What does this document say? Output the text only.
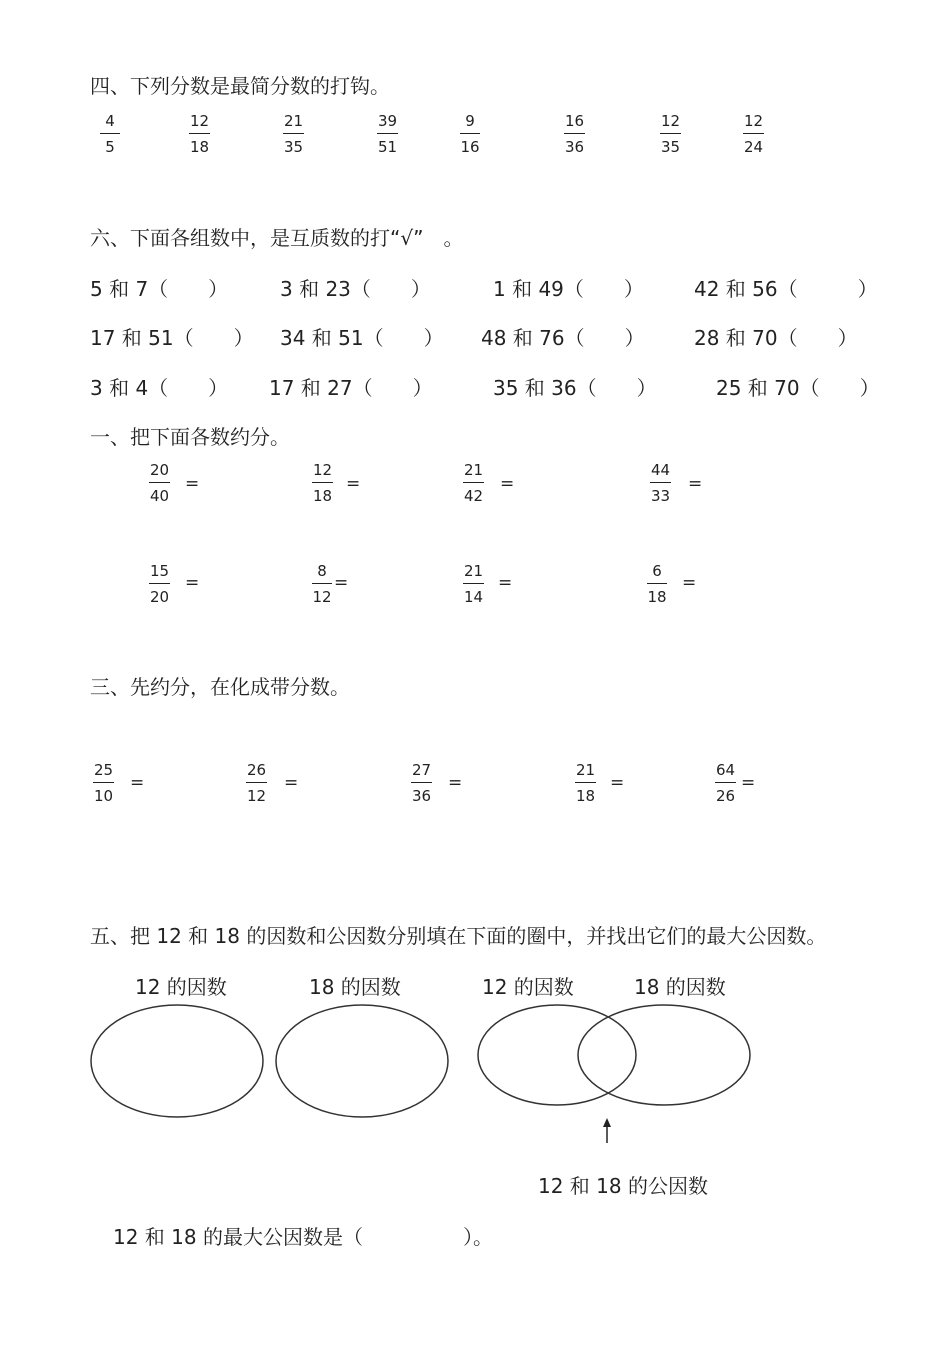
四、下列分数是最简分数的打钩。
$\frac{4}{5}$	$\frac{12}{18}$	$\frac{21}{35}$	$\frac{39}{51}$	$\frac{9}{16}$	$\frac{16}{36}$	$\frac{12}{35}$	$\frac{12}{24}$
六、下面各组数中，是互质数的打“√”　。
5 和 7（　　）	3 和 23（　　）	1 和 49（　　）	42 和 56（　　　）
17 和 51（　　） 34 和 51（　　） 48 和 76（　　） 28 和 70（　　）
3 和 4（　　） 17 和 27（　　）	35 和 36（　　）	25 和 70（　　）
一、把下面各数约分。
$\frac{20}{40}$ =	$\frac{12}{18}$ =	$\frac{21}{42}$ =	$\frac{44}{33}$ =
$\frac{15}{20}$ =	$\frac{8}{12}$ =	$\frac{21}{14}$ =	$\frac{6}{18}$ =
三、先约分，在化成带分数。
$\frac{25}{10}$ =	$\frac{26}{12}$ =	$\frac{27}{36}$ =	$\frac{21}{18}$ =	$\frac{64}{26}$ =
五、把 12 和 18 的因数和公因数分别填在下面的圈中，并找出它们的最大公因数。
12 的因数	18 的因数	12 的因数	18 的因数
12 和 18 的公因数
12 和 18 的最大公因数是（　　　　　）。
